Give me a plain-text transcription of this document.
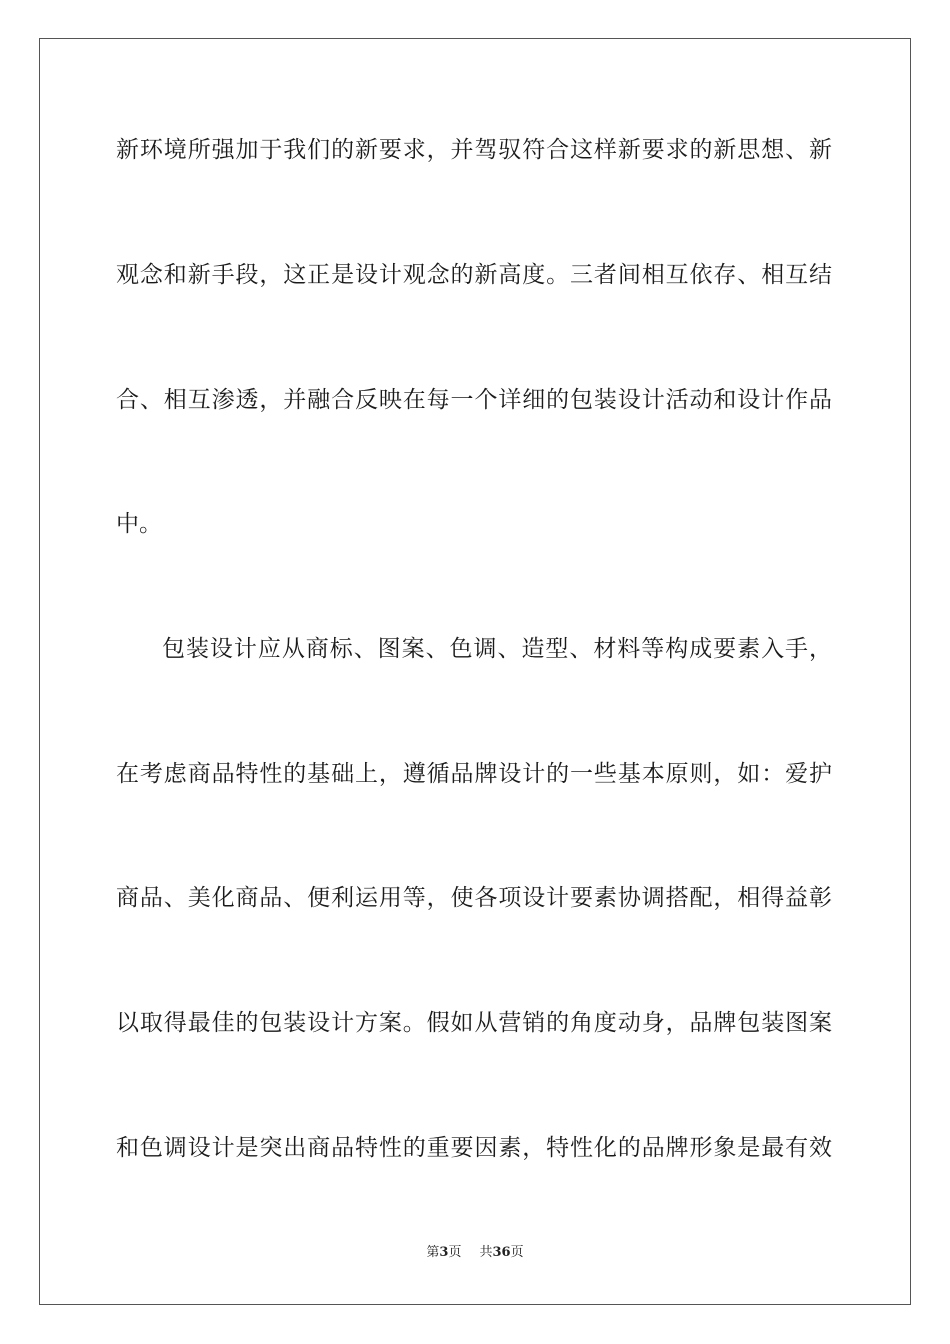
新环境所强加于我们的新要求，并驾驭符合这样新要求的新思想、新
观念和新手段，这正是设计观念的新高度。三者间相互依存、相互结
合、相互渗透，并融合反映在每一个详细的包装设计活动和设计作品
中。
包装设计应从商标、图案、色调、造型、材料等构成要素入手，
在考虑商品特性的基础上，遵循品牌设计的一些基本原则，如：爱护
商品、美化商品、便利运用等，使各项设计要素协调搭配，相得益彰
以取得最佳的包装设计方案。假如从营销的角度动身，品牌包装图案
和色调设计是突出商品特性的重要因素，特性化的品牌形象是最有效
第3页 共36页
